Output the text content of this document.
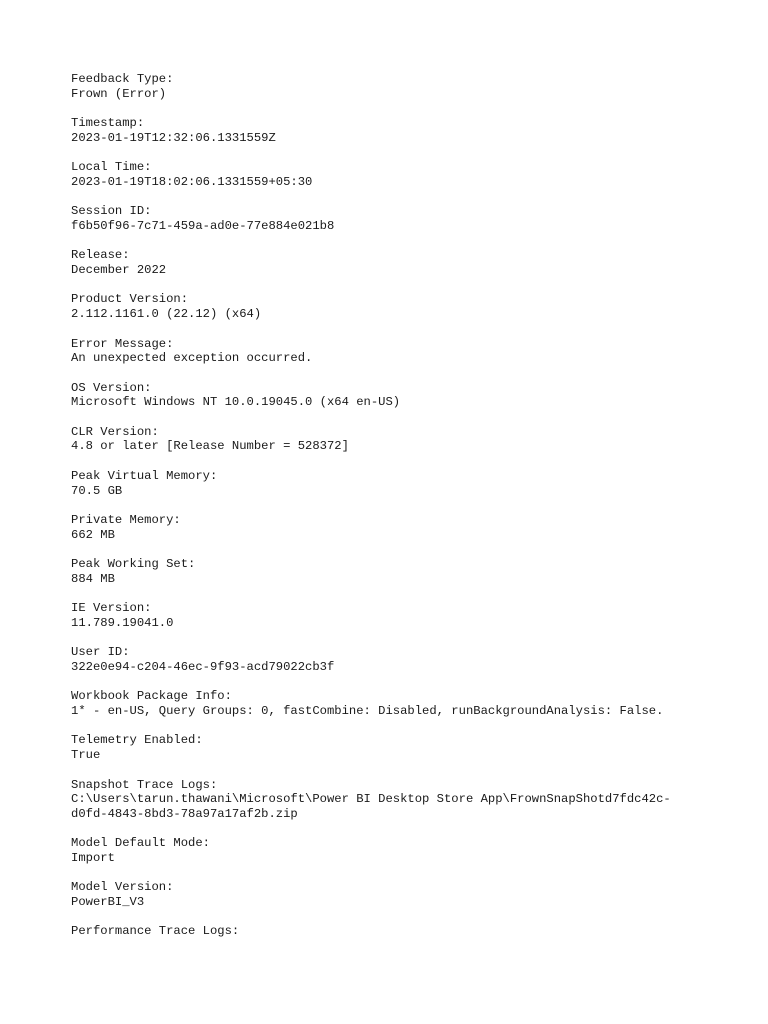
Feedback Type:
Frown (Error)
Timestamp:
2023-01-19T12:32:06.1331559Z
Local Time:
2023-01-19T18:02:06.1331559+05:30
Session ID:
f6b50f96-7c71-459a-ad0e-77e884e021b8
Release:
December 2022
Product Version:
2.112.1161.0 (22.12) (x64)
Error Message:
An unexpected exception occurred.
OS Version:
Microsoft Windows NT 10.0.19045.0 (x64 en-US)
CLR Version:
4.8 or later [Release Number = 528372]
Peak Virtual Memory:
70.5 GB
Private Memory:
662 MB
Peak Working Set:
884 MB
IE Version:
11.789.19041.0
User ID:
322e0e94-c204-46ec-9f93-acd79022cb3f
Workbook Package Info:
1* - en-US, Query Groups: 0, fastCombine: Disabled, runBackgroundAnalysis: False.
Telemetry Enabled:
True
Snapshot Trace Logs:
C:\Users\tarun.thawani\Microsoft\Power BI Desktop Store App\FrownSnapShotd7fdc42c-
d0fd-4843-8bd3-78a97a17af2b.zip
Model Default Mode:
Import
Model Version:
PowerBI_V3
Performance Trace Logs:
